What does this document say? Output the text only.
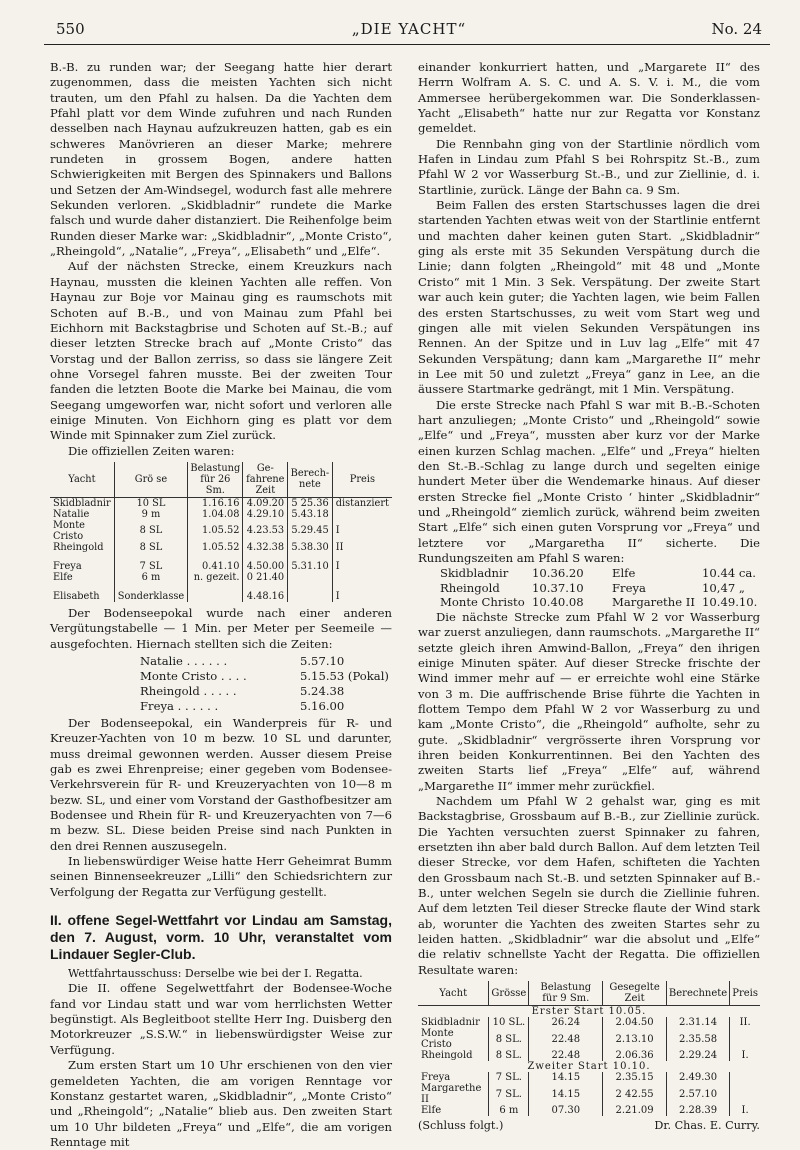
550	„DIE YACHT“	No. 24

B.-B. zu runden war; der Seegang hatte hier derart zugenommen, dass die meisten Yachten sich nicht trauten, um den Pfahl zu halsen. Da die Yachten dem Pfahl platt vor dem Winde zufuhren und nach Runden desselben nach Haynau aufzukreuzen hatten, gab es ein schweres Manövrieren an dieser Marke; mehrere rundeten in grossem Bogen, andere hatten Schwierigkeiten mit Bergen des Spinnakers und Ballons und Setzen der Am-Windsegel, wodurch fast alle mehrere Sekunden verloren. „Skidbladnir“ rundete die Marke falsch und wurde daher distanziert. Die Reihenfolge beim Runden dieser Marke war: „Skidbladnir“, „Monte Cristo“, „Rheingold“, „Natalie“, „Freya“, „Elisabeth“ und „Elfe“.

Auf der nächsten Strecke, einem Kreuzkurs nach Haynau, mussten die kleinen Yachten alle reffen. Von Haynau zur Boje vor Mainau ging es raumschots mit Schoten auf B.-B., und von Mainau zum Pfahl bei Eichhorn mit Backstagbrise und Schoten auf St.-B.; auf dieser letzten Strecke brach auf „Monte Cristo“ das Vorstag und der Ballon zerriss, so dass sie längere Zeit ohne Vorsegel fahren musste. Bei der zweiten Tour fanden die letzten Boote die Marke bei Mainau, die vom Seegang umgeworfen war, nicht sofort und verloren alle einige Minuten. Von Eichhorn ging es platt vor dem Winde mit Spinnaker zum Ziel zurück.

Die offiziellen Zeiten waren:

Yacht	Grö se	Belastung für 26 Sm.	Ge-fahrene Zeit	Berech-nete	Preis
Skidbladnir	10 SL	1.16.16	4.09.20	5 25.36	distanziert
Natalie	9 m	1.04.08	4.29.10	5.43.18	
Monte Cristo	8 SL	1.05.52	4.23.53	5.29.45	I
Rheingold	8 SL	1.05.52	4.32.38	5.38.30	II

Freya	7 SL	0.41.10	4.50.00	5.31.10	I
Elfe	6 m	n. gezeit.	0 21.40		

Elisabeth	Sonderklasse		4.48.16		I

Der Bodenseepokal wurde nach einer anderen Vergütungstabelle — 1 Min. per Meter per Seemeile — ausgefochten. Hiernach stellten sich die Zeiten:

Natalie . . . . . .	5.57.10
Monte Cristo . . . .	5.15.53 (Pokal)
Rheingold . . . . .	5.24.38
Freya . . . . . .	5.16.00

Der Bodenseepokal, ein Wanderpreis für R- und Kreuzer-Yachten von 10 m bezw. 10 SL und darunter, muss dreimal gewonnen werden. Ausser diesem Preise gab es zwei Ehrenpreise; einer gegeben vom Bodensee-Verkehrsverein für R- und Kreuzeryachten von 10—8 m bezw. SL, und einer vom Vorstand der Gasthofbesitzer am Bodensee und Rhein für R- und Kreuzeryachten von 7—6 m bezw. SL. Diese beiden Preise sind nach Punkten in den drei Rennen auszusegeln.

In liebenswürdiger Weise hatte Herr Geheimrat Bumm seinen Binnenseekreuzer „Lilli“ den Schiedsrichtern zur Verfolgung der Regatta zur Verfügung gestellt.

II. offene Segel-Wettfahrt vor Lindau am Samstag, den 7. August, vorm. 10 Uhr, veranstaltet vom Lindauer Segler-Club.

Wettfahrtausschuss: Derselbe wie bei der I. Regatta.

Die II. offene Segelwettfahrt der Bodensee-Woche fand vor Lindau statt und war vom herrlichsten Wetter begünstigt. Als Begleitboot stellte Herr Ing. Duisberg den Motorkreuzer „S.S.W.“ in liebenswürdigster Weise zur Verfügung.

Zum ersten Start um 10 Uhr erschienen von den vier gemeldeten Yachten, die am vorigen Renntage vor Konstanz gestartet waren, „Skidbladnir“, „Monte Cristo“ und „Rheingold“; „Natalie“ blieb aus. Den zweiten Start um 10 Uhr bildeten „Freya“ und „Elfe“, die am vorigen Renntage mit

einander konkurriert hatten, und „Margarete II“ des Herrn Wolfram A. S. C. und A. S. V. i. M., die vom Ammersee herübergekommen war. Die Sonderklassen-Yacht „Elisabeth“ hatte nur zur Regatta vor Konstanz gemeldet.

Die Rennbahn ging von der Startlinie nördlich vom Hafen in Lindau zum Pfahl S bei Rohrspitz St.-B., zum Pfahl W 2 vor Wasserburg St.-B., und zur Ziellinie, d. i. Startlinie, zurück. Länge der Bahn ca. 9 Sm.

Beim Fallen des ersten Startschusses lagen die drei startenden Yachten etwas weit von der Startlinie entfernt und machten daher keinen guten Start. „Skidbladnir“ ging als erste mit 35 Sekunden Verspätung durch die Linie; dann folgten „Rheingold“ mit 48 und „Monte Cristo“ mit 1 Min. 3 Sek. Verspätung. Der zweite Start war auch kein guter; die Yachten lagen, wie beim Fallen des ersten Startschusses, zu weit vom Start weg und gingen alle mit vielen Sekunden Verspätungen ins Rennen. An der Spitze und in Luv lag „Elfe“ mit 47 Sekunden Verspätung; dann kam „Margarethe II“ mehr in Lee mit 50 und zuletzt „Freya“ ganz in Lee, an die äussere Startmarke gedrängt, mit 1 Min. Verspätung.

Die erste Strecke nach Pfahl S war mit B.-B.-Schoten hart anzuliegen; „Monte Cristo“ und „Rheingold“ sowie „Elfe“ und „Freya“, mussten aber kurz vor der Marke einen kurzen Schlag machen. „Elfe“ und „Freya“ hielten den St.-B.-Schlag zu lange durch und segelten einige hundert Meter über die Wendemarke hinaus. Auf dieser ersten Strecke fiel „Monte Cristo ‘ hinter „Skidbladnir“ und „Rheingold“ ziemlich zurück, während beim zweiten Start „Elfe“ sich einen guten Vorsprung vor „Freya“ und letztere vor „Margaretha II“ sicherte. Die Rundungszeiten am Pfahl S waren:

Skidbladnir	10.36.20	Elfe	10.44 ca.
Rheingold	10.37.10	Freya	10,47 „
Monte Christo 10.40.08	Margarethe II 10.49.10.

Die nächste Strecke zum Pfahl W 2 vor Wasserburg war zuerst anzuliegen, dann raumschots. „Margarethe II“ setzte gleich ihren Amwind-Ballon, „Freya“ den ihrigen einige Minuten später. Auf dieser Strecke frischte der Wind immer mehr auf — er erreichte wohl eine Stärke von 3 m. Die auffrischende Brise führte die Yachten in flottem Tempo dem Pfahl W 2 vor Wasserburg zu und kam „Monte Cristo“, die „Rheingold“ aufholte, sehr zu gute. „Skidbladnir“ vergrösserte ihren Vorsprung vor ihren beiden Konkurrentinnen. Bei den Yachten des zweiten Starts lief „Freya“ „Elfe“ auf, während „Margarethe II“ immer mehr zurückfiel.

Nachdem um Pfahl W 2 gehalst war, ging es mit Backstagbrise, Grossbaum auf B.-B., zur Ziellinie zurück. Die Yachten versuchten zuerst Spinnaker zu fahren, ersetzten ihn aber bald durch Ballon. Auf dem letzten Teil dieser Strecke, vor dem Hafen, schifteten die Yachten den Grossbaum nach St.-B. und setzten Spinnaker auf B.-B., unter welchen Segeln sie durch die Ziellinie fuhren. Auf dem letzten Teil dieser Strecke flaute der Wind stark ab, worunter die Yachten des zweiten Startes sehr zu leiden hatten. „Skidbladnir“ war die absolut und „Elfe“ die relativ schnellste Yacht der Regatta. Die offiziellen Resultate waren:

Yacht	Grösse	Belastung für 9 Sm.	Gesegelte Zeit	Berechnete	Preis
Erster Start 10.05.					
Skidbladnir	10 SL.	26.24	2.04.50	2.31.14	II.
Monte Cristo	8 SL.	22.48	2.13.10	2.35.58	
Rheingold	8 SL.	22.48	2.06.36	2.29.24	I.
Zweiter Start 10.10.					
Freya	7 SL.	14.15	2.35.15	2.49.30	
Margarethe II	7 SL.	14.15	2 42.55	2.57.10	
Elfe	6 m	07.30	2.21.09	2.28.39	I.
(Schluss folgt.)	Dr. Chas. E. Curry.
